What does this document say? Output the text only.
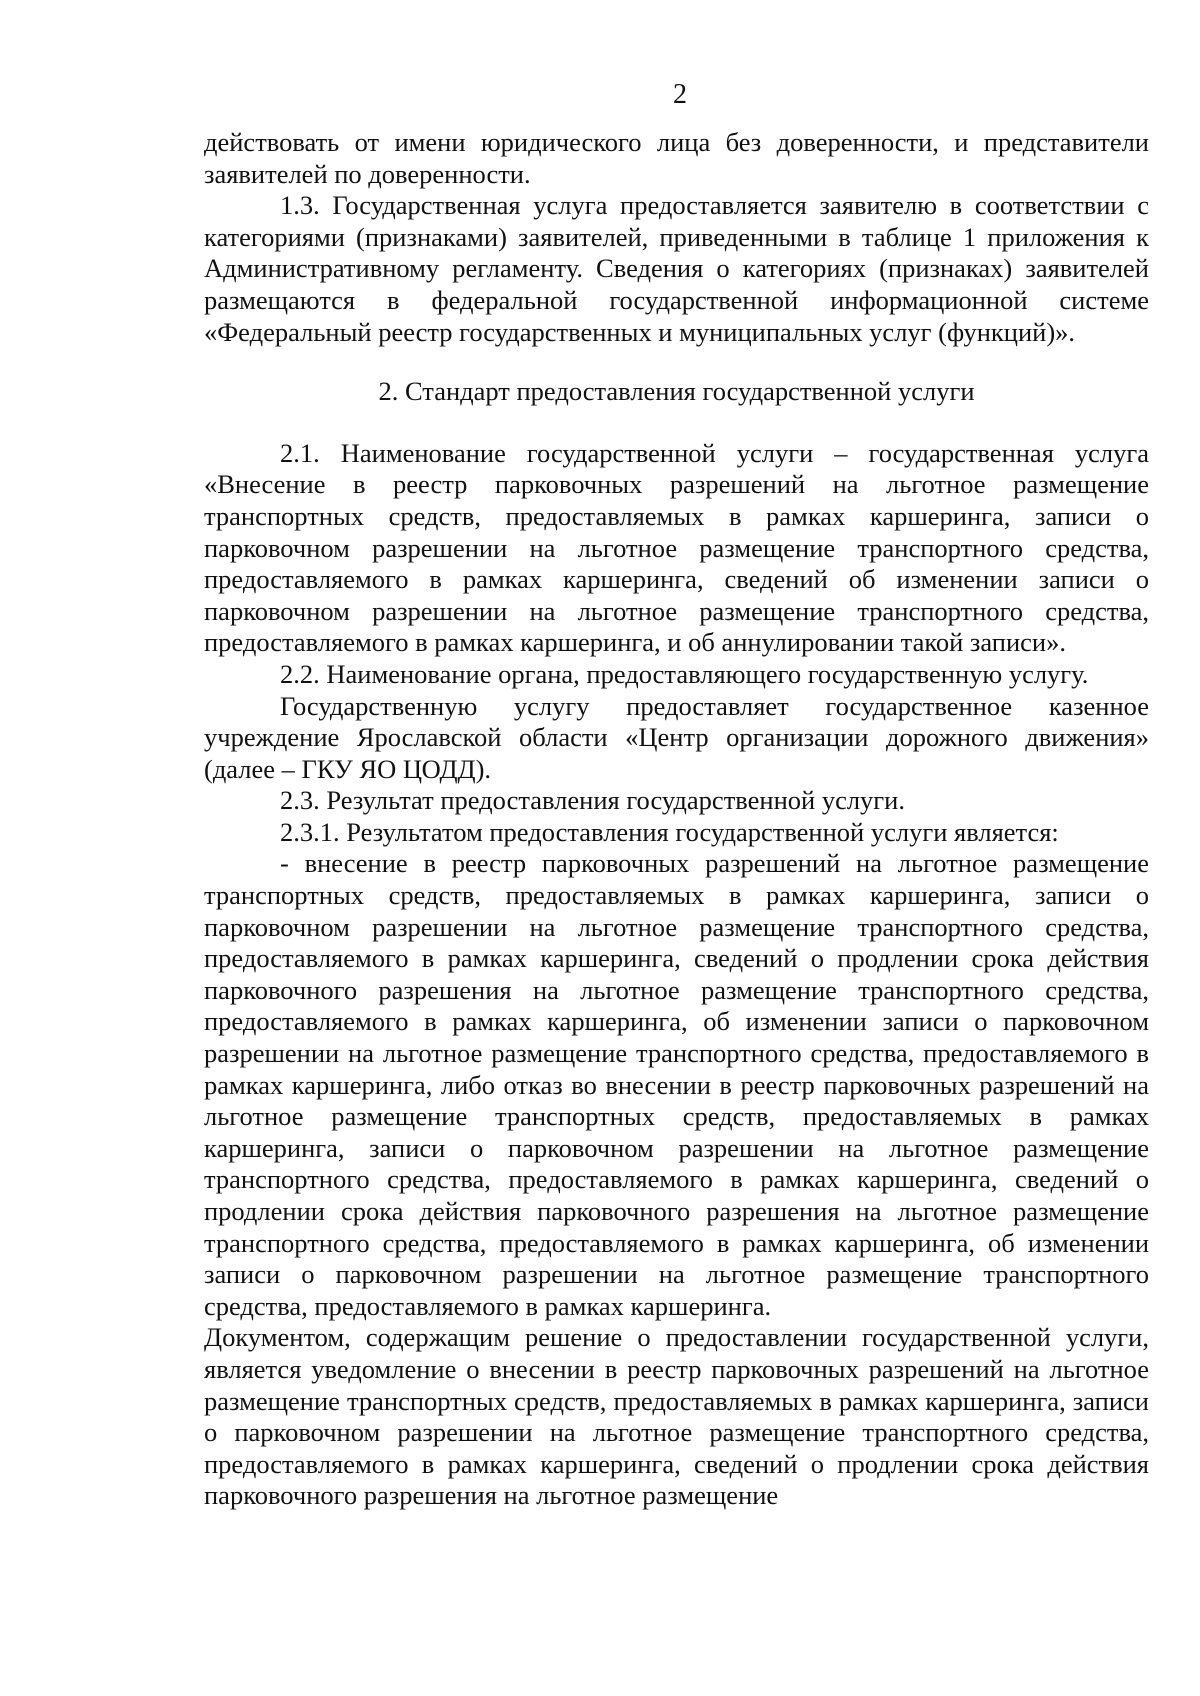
2

действовать от имени юридического лица без доверенности, и представители заявителей по доверенности.

1.3. Государственная услуга предоставляется заявителю в соответствии с категориями (признаками) заявителей, приведенными в таблице 1 приложения к Административному регламенту. Сведения о категориях (признаках) заявителей размещаются в федеральной государственной информационной системе «Федеральный реестр государственных и муниципальных услуг (функций)».

2. Стандарт предоставления государственной услуги

2.1. Наименование государственной услуги – государственная услуга «Внесение в реестр парковочных разрешений на льготное размещение транспортных средств, предоставляемых в рамках каршеринга, записи о парковочном разрешении на льготное размещение транспортного средства, предоставляемого в рамках каршеринга, сведений об изменении записи о парковочном разрешении на льготное размещение транспортного средства, предоставляемого в рамках каршеринга, и об аннулировании такой записи».

2.2. Наименование органа, предоставляющего государственную услугу.

Государственную услугу предоставляет государственное казенное учреждение Ярославской области «Центр организации дорожного движения» (далее – ГКУ ЯО ЦОДД).

2.3. Результат предоставления государственной услуги.

2.3.1. Результатом предоставления государственной услуги является:

- внесение в реестр парковочных разрешений на льготное размещение транспортных средств, предоставляемых в рамках каршеринга, записи о парковочном разрешении на льготное размещение транспортного средства, предоставляемого в рамках каршеринга, сведений о продлении срока действия парковочного разрешения на льготное размещение транспортного средства, предоставляемого в рамках каршеринга, об изменении записи о парковочном разрешении на льготное размещение транспортного средства, предоставляемого в рамках каршеринга, либо отказ во внесении в реестр парковочных разрешений на льготное размещение транспортных средств, предоставляемых в рамках каршеринга, записи о парковочном разрешении на льготное размещение транспортного средства, предоставляемого в рамках каршеринга, сведений о продлении срока действия парковочного разрешения на льготное размещение транспортного средства, предоставляемого в рамках каршеринга, об изменении записи о парковочном разрешении на льготное размещение транспортного средства, предоставляемого в рамках каршеринга.

Документом, содержащим решение о предоставлении государственной услуги, является уведомление о внесении в реестр парковочных разрешений на льготное размещение транспортных средств, предоставляемых в рамках каршеринга, записи о парковочном разрешении на льготное размещение транспортного средства, предоставляемого в рамках каршеринга, сведений о продлении срока действия парковочного разрешения на льготное размещение
